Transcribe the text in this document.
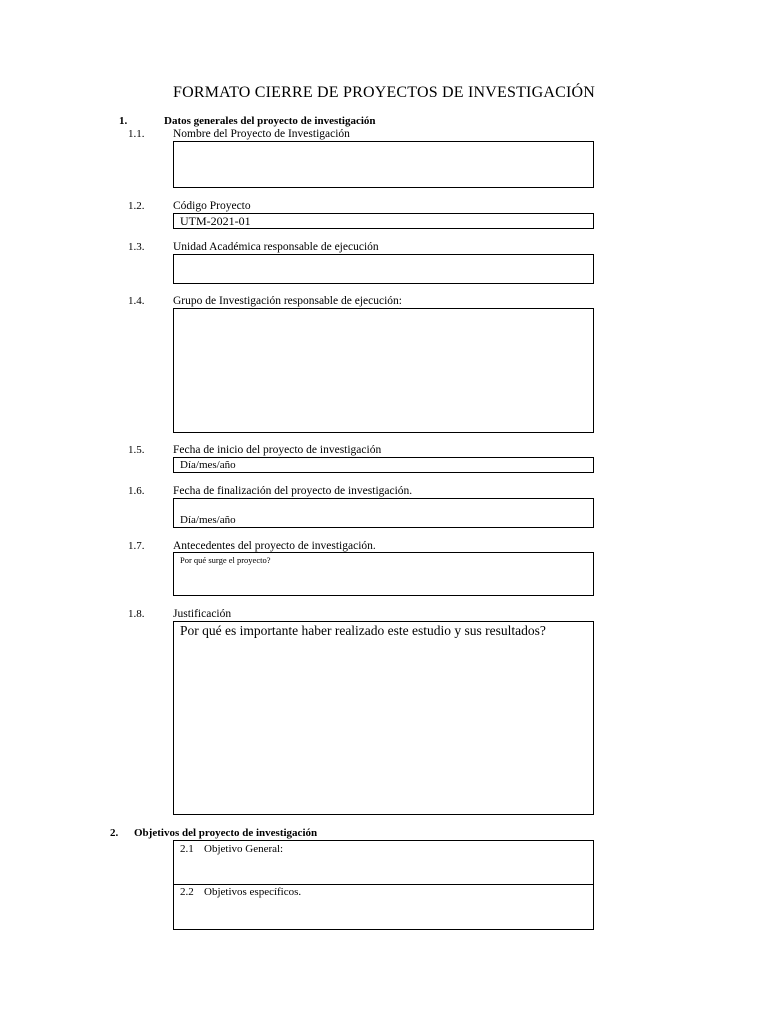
FORMATO CIERRE DE PROYECTOS DE INVESTIGACIÓN
1.	Datos generales del proyecto de investigación
1.1. Nombre del Proyecto de Investigación
1.2. Código Proyecto
UTM-2021-01
1.3. Unidad Académica responsable de ejecución
1.4. Grupo de Investigación responsable de ejecución:
1.5. Fecha de inicio del proyecto de investigación
Día/mes/año
1.6. Fecha de finalización del proyecto de investigación.
Día/mes/año
1.7. Antecedentes del proyecto de investigación.
Por qué surge el proyecto?
1.8. Justificación
Por qué es importante haber realizado este estudio y sus resultados?
2. Objetivos del proyecto de investigación
2.1 Objetivo General:
2.2 Objetivos específicos.
